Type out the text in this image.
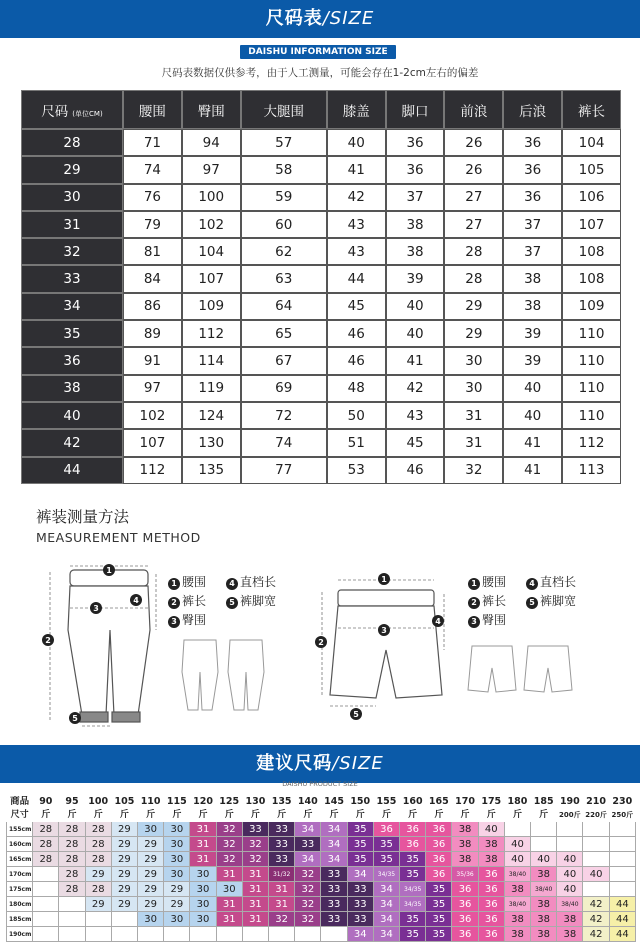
尺码表/SIZE
DAISHU INFORMATION SIZE
尺码表数据仅供参考，由于人工测量，可能会存在1-2cm左右的偏差
尺码 (单位CM)	腰围	臀围	大腿围	膝盖	脚口	前浪	后浪	裤长
28	71	94	57	40	36	26	36	104
29	74	97	58	41	36	26	36	105
30	76	100	59	42	37	27	36	106
31	79	102	60	43	38	27	37	107
32	81	104	62	43	38	28	37	108
33	84	107	63	44	39	28	38	108
34	86	109	64	45	40	29	38	109
35	89	112	65	46	40	29	39	110
36	91	114	67	46	41	30	39	110
38	97	119	69	48	42	30	40	110
40	102	124	72	50	43	31	40	110
42	107	130	74	51	45	31	41	112
44	112	135	77	53	46	32	41	113
裤装测量方法
MEASUREMENT METHOD
1
2
3
4
5
1 腰围	4 直档长
2 裤长	5 裤脚宽
3 臀围
1
2
3
4
5
1 腰围	4 直档长
2 裤长	5 裤脚宽
3 臀围
建议尺码/SIZE
DAISHU PRODUCT SIZE
商品	90	95	100	105	110	115	120	125	130	135	140	145	150	155	160	165	170	175	180	185	190	210	230
尺寸	斤	斤	斤	斤	斤	斤	斤	斤	斤	斤	斤	斤	斤	斤	斤	斤	斤	斤	斤	斤	200斤	220斤	250斤
155cm	28	28	28	29	30	30	31	32	33	33	34	34	35	36	36	36	38	40					
160cm	28	28	28	29	29	30	31	32	32	33	33	34	35	35	36	36	38	38	40				
165cm	28	28	28	29	29	30	31	32	32	33	34	34	35	35	35	36	38	38	40	40	40		
170cm		28	29	29	29	30	30	31	31	31/32	32	33	34	34/35	35	36	35/36	36	38/40	38	40	40	
175cm		28	28	29	29	29	30	30	31	31	32	33	33	34	34/35	35	36	36	38	38/40	40		
180cm			29	29	29	29	30	31	31	31	32	33	33	34	34/35	35	36	36	38/40	38	38/40	42	44
185cm					30	30	30	31	31	32	32	33	33	34	35	35	36	36	38	38	38	42	44
190cm													34	34	35	35	36	36	38	38	38	42	44
